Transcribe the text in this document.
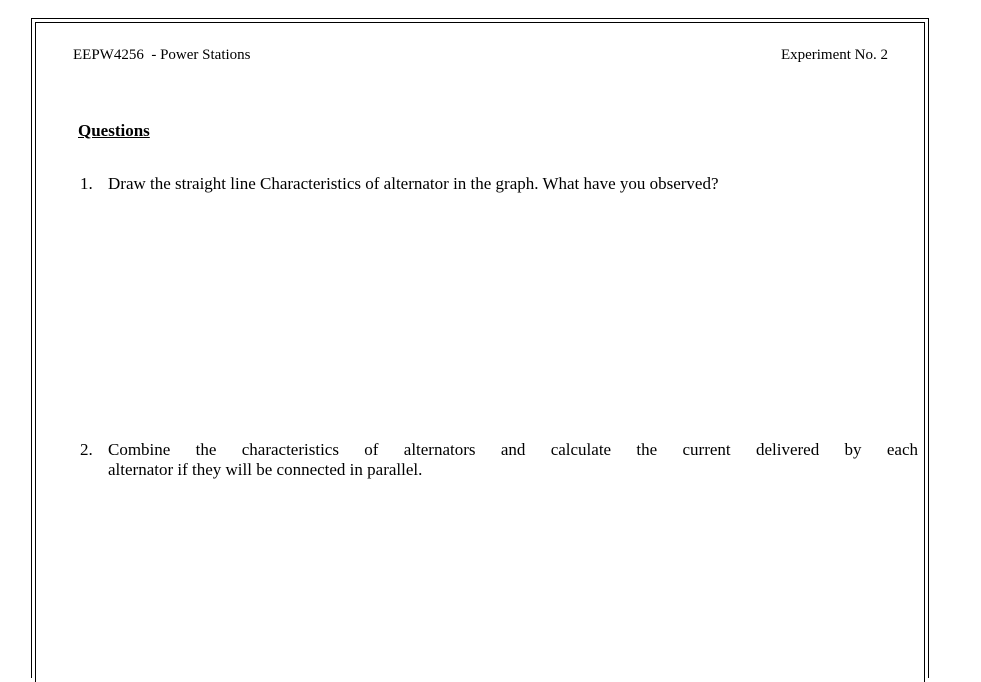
EEPW4256  - Power Stations	Experiment No. 2
Questions
1. Draw the straight line Characteristics of alternator in the graph. What have you observed?
2. Combine the characteristics of alternators and calculate the current delivered by each
alternator if they will be connected in parallel.
